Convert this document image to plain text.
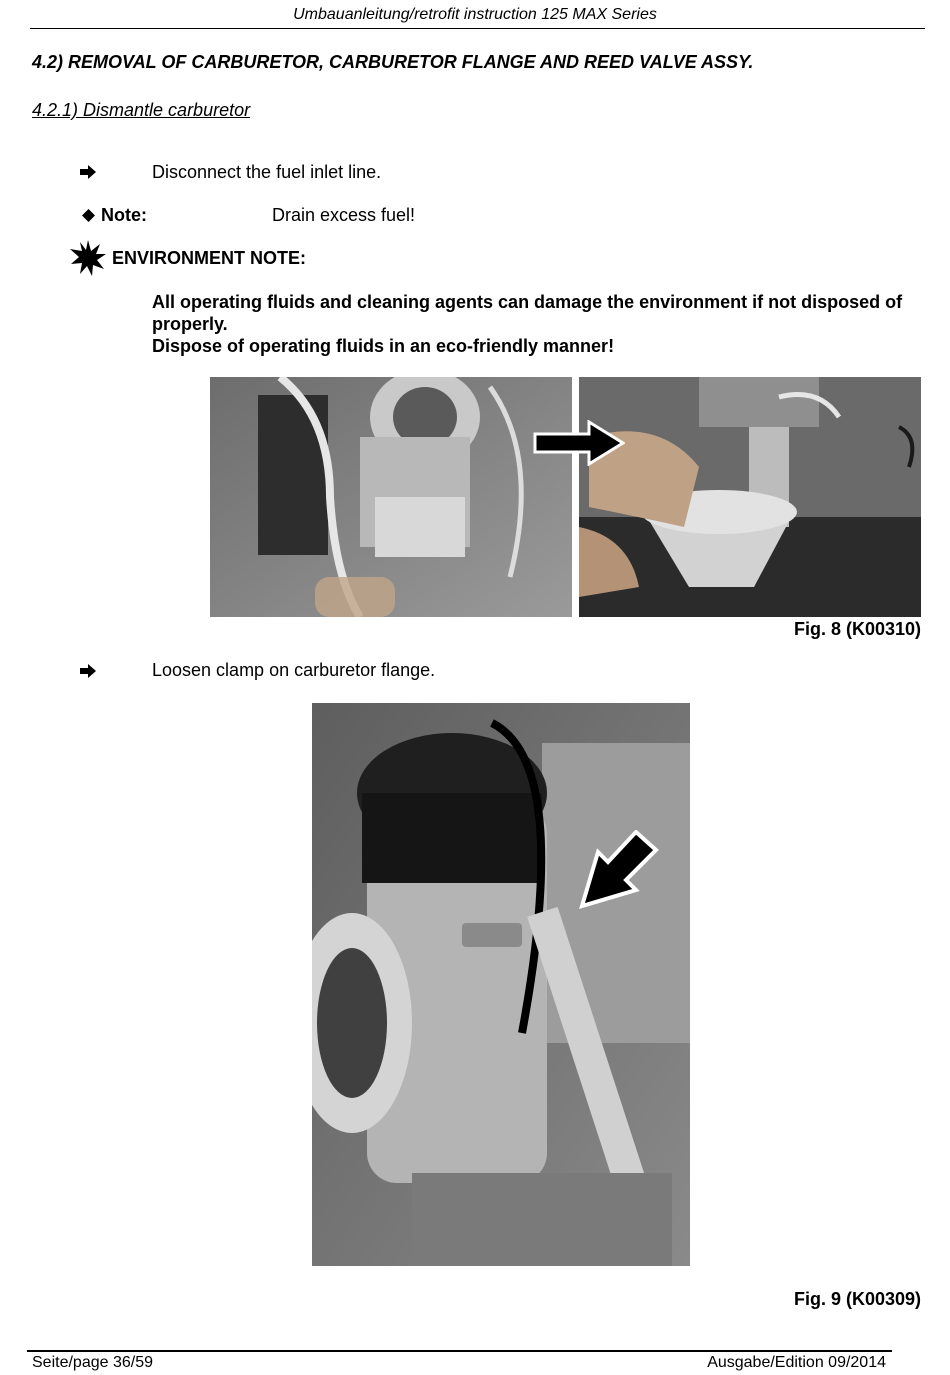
Umbauanleitung/retrofit instruction 125 MAX Series
4.2) REMOVAL OF CARBURETOR, CARBURETOR FLANGE AND REED VALVE ASSY.
4.2.1) Dismantle carburetor
Disconnect the fuel inlet line.
Note:	Drain excess fuel!
ENVIRONMENT NOTE:
All operating fluids and cleaning agents can damage the environment if not disposed of properly.
Dispose of operating fluids in an eco-friendly manner!
Fig. 8 (K00310)
Loosen clamp on carburetor flange.
Fig. 9 (K00309)
Seite/page 36/59	Ausgabe/Edition 09/2014
